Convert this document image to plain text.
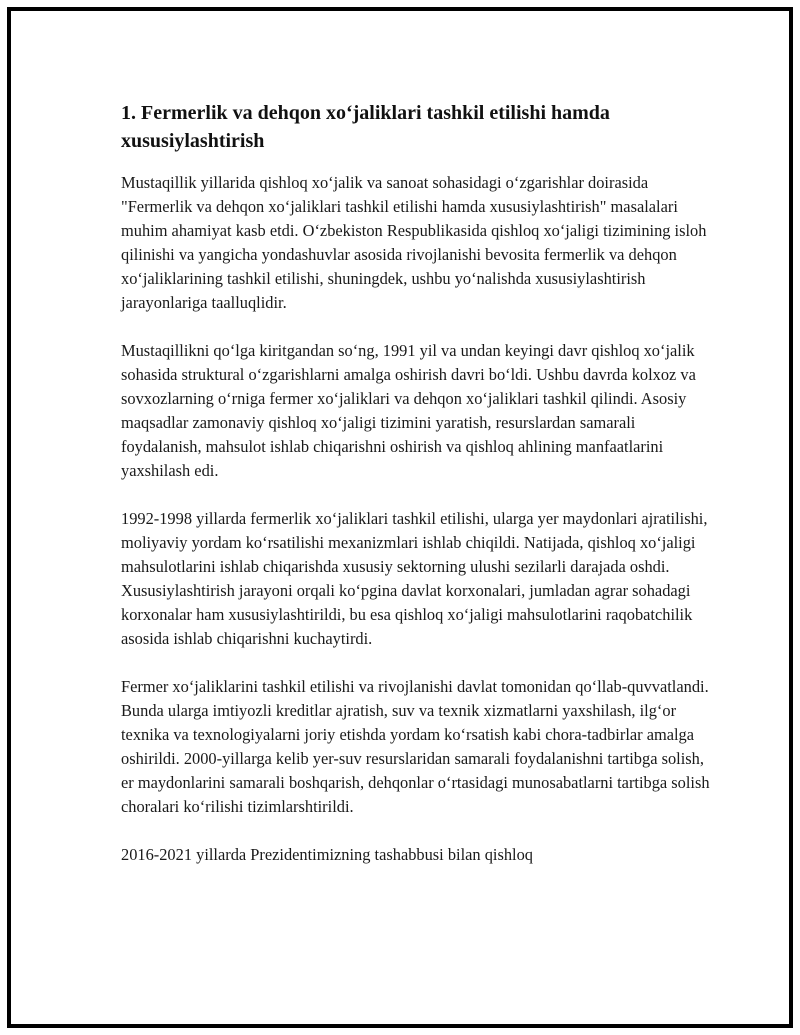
1. Fermerlik va dehqon xoʻjaliklari tashkil etilishi hamda xususiylashtirish

Mustaqillik yillarida qishloq xoʻjalik va sanoat sohasidagi oʻzgarishlar doirasida "Fermerlik va dehqon xoʻjaliklari tashkil etilishi hamda xususiylashtirish" masalalari muhim ahamiyat kasb etdi. Oʻzbekiston Respublikasida qishloq xoʻjaligi tizimining isloh qilinishi va yangicha yondashuvlar asosida rivojlanishi bevosita fermerlik va dehqon xoʻjaliklarining tashkil etilishi, shuningdek, ushbu yoʻnalishda xususiylashtirish jarayonlariga taalluqlidir.

Mustaqillikni qoʻlga kiritgandan soʻng, 1991 yil va undan keyingi davr qishloq xoʻjalik sohasida struktural oʻzgarishlarni amalga oshirish davri boʻldi. Ushbu davrda kolxoz va sovxozlarning oʻrniga fermer xoʻjaliklari va dehqon xoʻjaliklari tashkil qilindi. Asosiy maqsadlar zamonaviy qishloq xoʻjaligi tizimini yaratish, resurslardan samarali foydalanish, mahsulot ishlab chiqarishni oshirish va qishloq ahlining manfaatlarini yaxshilash edi.

1992-1998 yillarda fermerlik xoʻjaliklari tashkil etilishi, ularga yer maydonlari ajratilishi, moliyaviy yordam koʻrsatilishi mexanizmlari ishlab chiqildi. Natijada, qishloq xoʻjaligi mahsulotlarini ishlab chiqarishda xususiy sektorning ulushi sezilarli darajada oshdi. Xususiylashtirish jarayoni orqali koʻpgina davlat korxonalari, jumladan agrar sohadagi korxonalar ham xususiylashtirildi, bu esa qishloq xoʻjaligi mahsulotlarini raqobatchilik asosida ishlab chiqarishni kuchaytirdi.

Fermer xoʻjaliklarini tashkil etilishi va rivojlanishi davlat tomonidan qoʻllab-quvvatlandi. Bunda ularga imtiyozli kreditlar ajratish, suv va texnik xizmatlarni yaxshilash, ilgʻor texnika va texnologiyalarni joriy etishda yordam koʻrsatish kabi chora-tadbirlar amalga oshirildi. 2000-yillarga kelib yer-suv resurslaridan samarali foydalanishni tartibga solish, er maydonlarini samarali boshqarish, dehqonlar oʻrtasidagi munosabatlarni tartibga solish choralari koʻrilishi tizimlarshtirildi.

2016-2021 yillarda Prezidentimizning tashabbusi bilan qishloq
